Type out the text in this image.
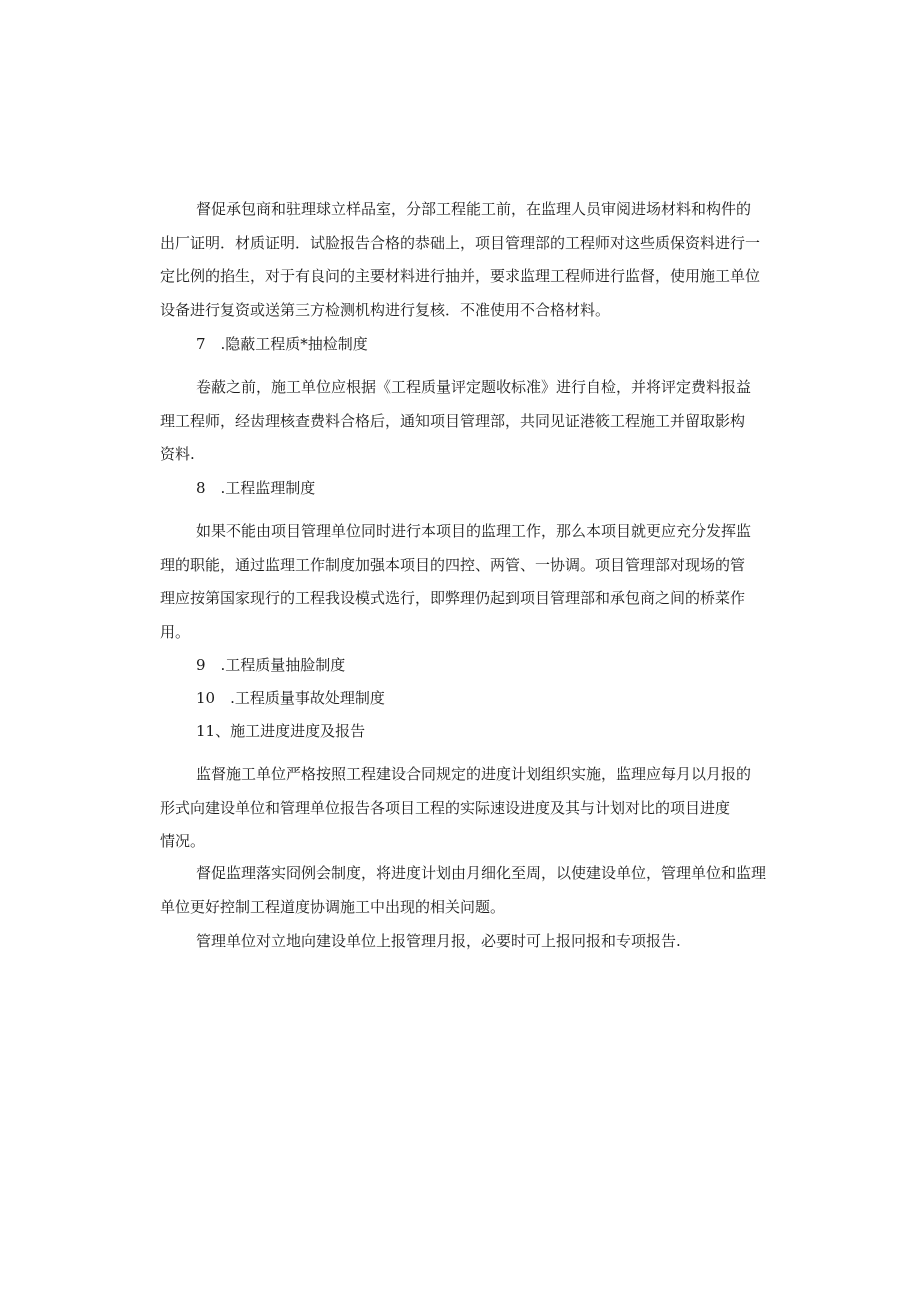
督促承包商和驻理球立样品室，分部工程能工前，在监理人员审阅进场材料和构件的
出厂证明．材质证明．试脸报告合格的恭础上，项目管理部的工程师对这些质保资料进行一
定比例的掐生，对于有良问的主要材料进行抽并，要求监理工程师进行监督，使用施工单位
设备进行复资或送第三方检测机构进行复核．不准使用不合格材料。

7　.隐蔽工程质*抽检制度

卷蔽之前，施工单位应根据《工程质量评定题收标准》进行自检，并将评定费料报益
理工程师，经齿理核查费料合格后，通知项目管理部，共同见证港筱工程施工并留取影构
资料.

8　.工程监理制度

如果不能由项目管理单位同时进行本项目的监理工作，那么本项目就更应充分发挥监
理的职能，通过监理工作制度加强本项目的四控、两管、一协调。项目管理部对现场的管
理应按第国家现行的工程我设模式选行，即弊理仍起到项目管理部和承包商之间的桥菜作
用。

9　.工程质量抽脸制度

10　.工程质量事故处理制度

11、施工进度进度及报告

监督施工单位严格按照工程建设合同规定的进度计划组织实施，监理应每月以月报的
形式向建设单位和管理单位报告各项目工程的实际速设进度及其与计划对比的项目进度
情况。

督促监理落实冏例会制度，将进度计划由月细化至周，以使建设单位，管理单位和监理
单位更好控制工程道度协调施工中出现的相关问题。

管理单位对立地向建设单位上报管理月报，必要时可上报冋报和专项报告.
